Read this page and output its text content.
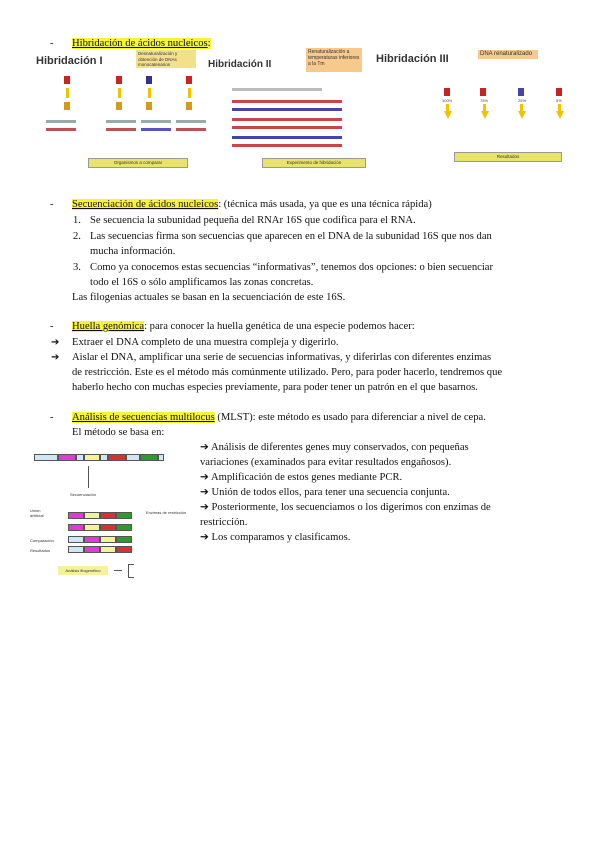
- Hibridación de ácidos nucleicos:
Hibridación I
Desnaturalización y obtención de DNAs monocatenarios	Hibridación II
Renaturalización a temperaturas inferiores a la Tm	Hibridación III	DNA renaturalizado
100%	75%	25%	5%
Organismos a comparar	Experimento de hibridación
Resultados
- Secuenciación de ácidos nucleicos: (técnica más usada, ya que es una técnica rápida)
1. Se secuencia la subunidad pequeña del RNAr 16S que codifica para el RNA.
2. Las secuencias firma son secuencias que aparecen en el DNA de la subunidad 16S que nos dan
mucha información.
3. Como ya conocemos estas secuencias “informativas”, tenemos dos opciones: o bien secuenciar
todo el 16S o sólo amplificamos las zonas concretas.
Las filogenias actuales se basan en la secuenciación de este 16S.
- Huella genómica: para conocer la huella genética de una especie podemos hacer:
➔ Extraer el DNA completo de una muestra compleja y digerirlo.
➔ Aislar el DNA, amplificar una serie de secuencias informativas, y diferirlas con diferentes enzimas
de restricción. Este es el método más comúnmente utilizado. Pero, para poder hacerlo, tendremos que
haberlo hecho con muchas especies previamente, para poder tener un patrón en el que basarnos.
- Análisis de secuencias multilocus (MLST): este método es usado para diferenciar a nivel de cepa.
El método se basa en:
➔ Análisis de diferentes genes muy conservados, con pequeñas
variaciones (examinados para evitar resultados engañosos).
➔ Amplificación de estos genes mediante PCR.
➔ Unión de todos ellos, para tener una secuencia conjunta.
➔ Posteriormente, los secuenciamos o los digerimos con enzimas de
restricción.
➔ Los comparamos y clasificamos.
Secuenciación
Unión artificial
Enzimas de restricción
Comparación
Resultados
Análisis filogenético
